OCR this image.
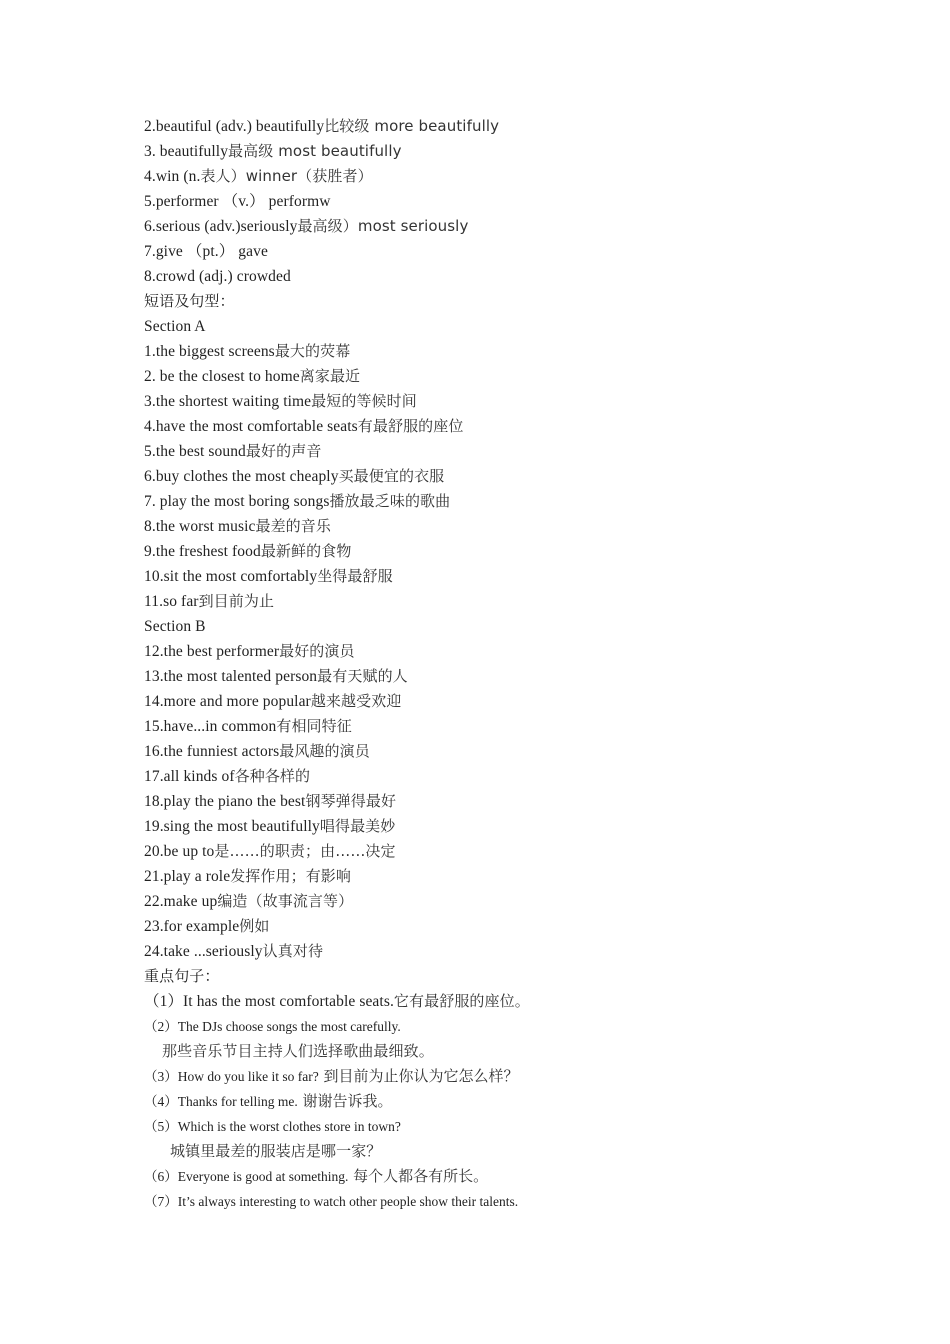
2.beautiful (adv.) beautifully比较级 more beautifully
3. beautifully最高级 most beautifully
4.win (n.表人）winner（获胜者）
5.performer （v.） performw
6.serious (adv.)seriously最高级）most seriously
7.give （pt.） gave
8.crowd (adj.) crowded
短语及句型：
Section A
1.the biggest screens最大的荧幕
2. be the closest to home离家最近
3.the shortest waiting time最短的等候时间
4.have the most comfortable seats有最舒服的座位
5.the best sound最好的声音
6.buy clothes the most cheaply买最便宜的衣服
7. play the most boring songs播放最乏味的歌曲
8.the worst music最差的音乐
9.the freshest food最新鲜的食物
10.sit the most comfortably坐得最舒服
11.so far到目前为止
Section B
12.the best performer最好的演员
13.the most talented person最有天赋的人
14.more and more popular越来越受欢迎
15.have...in common有相同特征
16.the funniest actors最风趣的演员
17.all kinds of各种各样的
18.play the piano the best钢琴弹得最好
19.sing the most beautifully唱得最美妙
20.be up to是……的职责；由……决定
21.play a role发挥作用；有影响
22.make up编造（故事流言等）
23.for example例如
24.take ...seriously认真对待
重点句子：
（1）It has the most comfortable seats.它有最舒服的座位。
（2）The DJs choose songs the most carefully.
那些音乐节目主持人们选择歌曲最细致。
（3）How do you like it so far? 到目前为止你认为它怎么样？
（4）Thanks for telling me. 谢谢告诉我。
（5）Which is the worst clothes store in town?
城镇里最差的服装店是哪一家？
（6）Everyone is good at something. 每个人都各有所长。
（7）It’s always interesting to watch other people show their talents.
